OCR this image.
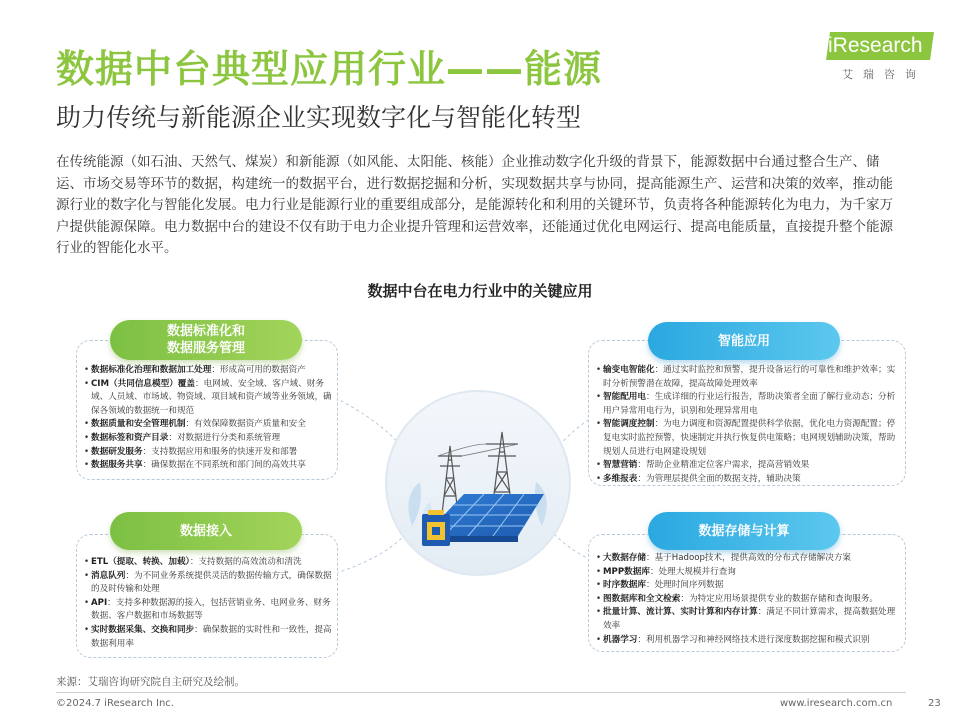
数据中台典型应用行业——能源
助力传统与新能源企业实现数字化与智能化转型
iResearch
艾瑞咨询
在传统能源（如石油、天然气、煤炭）和新能源（如风能、太阳能、核能）企业推动数字化升级的背景下，能源数据中台通过整合生产、储运、市场交易等环节的数据，构建统一的数据平台，进行数据挖掘和分析，实现数据共享与协同，提高能源生产、运营和决策的效率，推动能源行业的数字化与智能化发展。电力行业是能源行业的重要组成部分，是能源转化和利用的关键环节，负责将各种能源转化为电力，为千家万户提供能源保障。电力数据中台的建设不仅有助于电力企业提升管理和运营效率，还能通过优化电网运行、提高电能质量，直接提升整个能源行业的智能化水平。
数据中台在电力行业中的关键应用
数据标准化和
数据服务管理
• 数据标准化治理和数据加工处理：形成高可用的数据资产
• CIM（共同信息模型）覆盖：电网域、安全域、客户域、财务域、人员域、市场域、物资域、项目域和资产域等业务领域，确保各领域的数据统一和规范
• 数据质量和安全管理机制：有效保障数据资产质量和安全
• 数据标签和资产目录：对数据进行分类和系统管理
• 数据研发服务：支持数据应用和服务的快速开发和部署
• 数据服务共享：确保数据在不同系统和部门间的高效共享
智能应用
• 输变电智能化：通过实时监控和预警，提升设备运行的可靠性和维护效率；实时分析预警潜在故障，提高故障处理效率
• 智能配用电：生成详细的行业运行报告，帮助决策者全面了解行业动态；分析用户异常用电行为，识别和处理异常用电
• 智能调度控制：为电力调度和资源配置提供科学依据，优化电力资源配置；停复电实时监控预警，快速制定并执行恢复供电策略；电网规划辅助决策，帮助规划人员进行电网建设规划
• 智慧营销：帮助企业精准定位客户需求，提高营销效果
• 多维报表：为管理层提供全面的数据支持，辅助决策
数据接入
• ETL（提取、转换、加载）：支持数据的高效流动和清洗
• 消息队列：为不同业务系统提供灵活的数据传输方式，确保数据的及时传输和处理
• API：支持多种数据源的接入，包括营销业务、电网业务、财务数据、客户数据和市场数据等
• 实时数据采集、交换和同步：确保数据的实时性和一致性，提高数据利用率
数据存储与计算
• 大数据存储：基于Hadoop技术，提供高效的分布式存储解决方案
• MPP数据库：处理大规模并行查询
• 时序数据库：处理时间序列数据
• 图数据库和全文检索：为特定应用场景提供专业的数据存储和查询服务。
• 批量计算、流计算、实时计算和内存计算：满足不同计算需求，提高数据处理效率
• 机器学习：利用机器学习和神经网络技术进行深度数据挖掘和模式识别
来源：艾瑞咨询研究院自主研究及绘制。
©2024.7 iResearch Inc.	www.iresearch.com.cn	23
